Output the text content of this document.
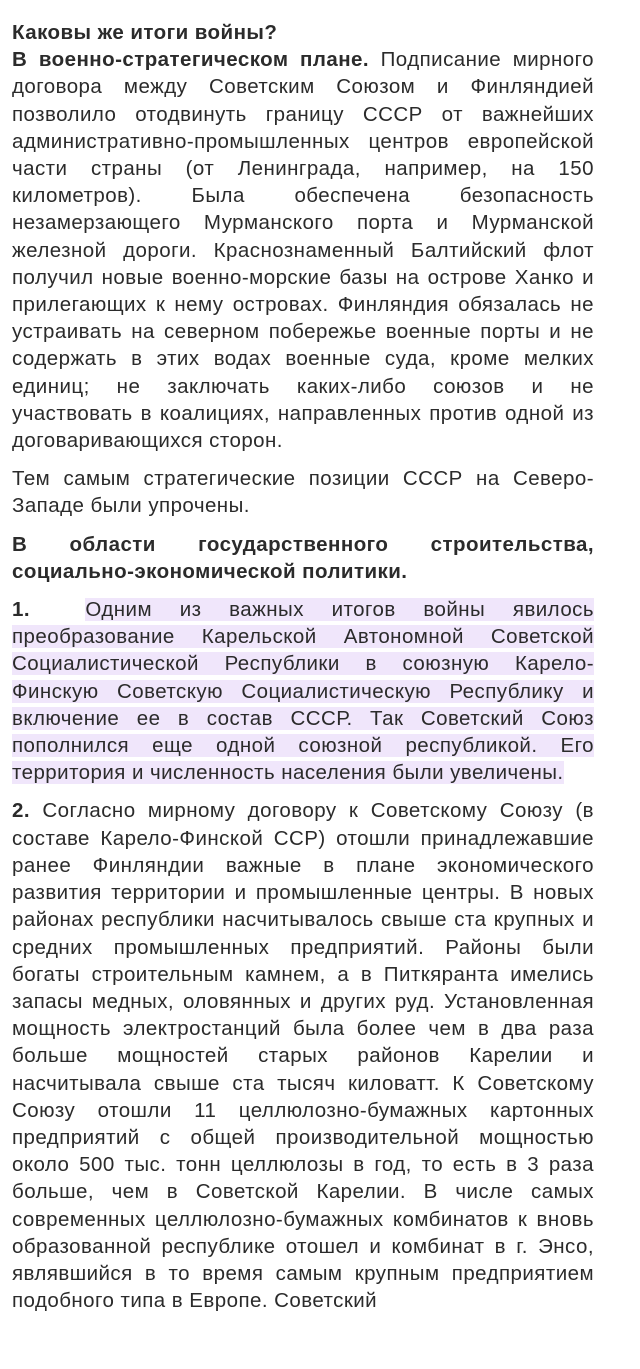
Каковы же итоги войны?

В военно-стратегическом плане. Подписание мирного договора между Советским Союзом и Финляндией позволило отодвинуть границу СССР от важнейших административно-промышленных центров европейской части страны (от Ленинграда, например, на 150 километров). Была обеспечена безопасность незамерзающего Мурманского порта и Мурманской железной дороги. Краснознаменный Балтийский флот получил новые военно-морские базы на острове Ханко и прилегающих к нему островах. Финляндия обязалась не устраивать на северном побережье военные порты и не содержать в этих водах военные суда, кроме мелких единиц; не заключать каких-либо союзов и не участвовать в коалициях, направленных против одной из договаривающихся сторон.

Тем самым стратегические позиции СССР на Северо-Западе были упрочены.

В области государственного строительства, социально-экономической политики.

1.	Одним из важных итогов войны явилось преобразование Карельской Автономной Советской Социалистической Республики в союзную Карело-Финскую Советскую Социалистическую Республику и включение ее в состав СССР. Так Советский Союз пополнился еще одной союзной республикой. Его территория и численность населения были увеличены.

2. Согласно мирному договору к Советскому Союзу (в составе Карело-Финской ССР) отошли принадлежавшие ранее Финляндии важные в плане экономического развития территории и промышленные центры. В новых районах республики насчитывалось свыше ста крупных и средних промышленных предприятий. Районы были богаты строительным камнем, а в Питкяранта имелись запасы медных, оловянных и других руд. Установленная мощность электростанций была более чем в два раза больше мощностей старых районов Карелии и насчитывала свыше ста тысяч киловатт. К Советскому Союзу отошли 11 целлюлозно-бумажных картонных предприятий с общей производительной мощностью около 500 тыс. тонн целлюлозы в год, то есть в 3 раза больше, чем в Советской Карелии. В числе самых современных целлюлозно-бумажных комбинатов к вновь образованной республике отошел и комбинат в г. Энсо, являвшийся в то время самым крупным предприятием подобного типа в Европе. Советский
